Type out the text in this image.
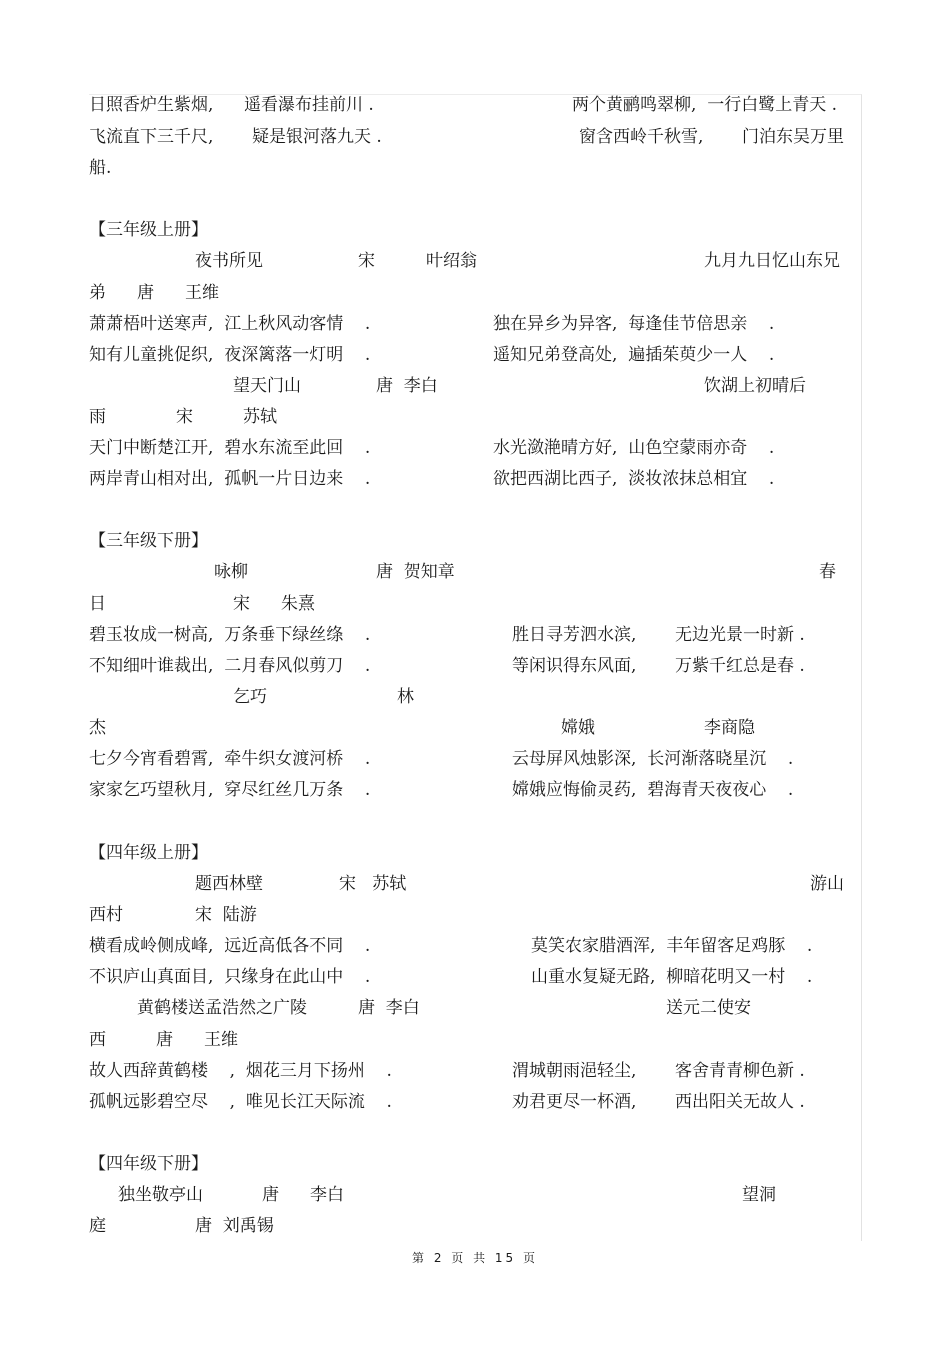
日照香炉生紫烟, 遥看瀑布挂前川 .	两个黄鹂鸣翠柳,  一行白鹭上青天 .
飞流直下三千尺, 疑是银河落九天 .	窗含西岭千秋雪, 门泊东吴万里
船.
【三年级上册】
夜书所见	宋	叶绍翁	九月九日忆山东兄
弟 唐 王维
萧萧梧叶送寒声,  江上秋风动客情    .	独在异乡为异客,  每逢佳节倍思亲    .
知有儿童挑促织,  夜深篱落一灯明    .	遥知兄弟登高处,  遍插茱萸少一人    .
望天门山	唐  李白	饮湖上初晴后
雨	宋	苏轼
天门中断楚江开,  碧水东流至此回    .	水光潋滟晴方好,  山色空蒙雨亦奇    .
两岸青山相对出,  孤帆一片日边来    .	欲把西湖比西子,  淡妆浓抹总相宜    .
【三年级下册】
咏柳	唐  贺知章	春
日	宋 朱熹
碧玉妆成一树高,  万条垂下绿丝绦    .	胜日寻芳泗水滨, 无边光景一时新 .
不知细叶谁裁出,  二月春风似剪刀    .	等闲识得东风面, 万紫千红总是春 .
乞巧	林
杰	嫦娥	李商隐
七夕今宵看碧霄,  牵牛织女渡河桥    .	云母屏风烛影深,  长河渐落晓星沉    .
家家乞巧望秋月,  穿尽红丝几万条    .	嫦娥应悔偷灵药,  碧海青天夜夜心    .
【四年级上册】
题西林壁	宋   苏轼	游山
西村	宋  陆游
横看成岭侧成峰,  远近高低各不同    .	莫笑农家腊酒浑,  丰年留客足鸡豚    .
不识庐山真面目,  只缘身在此山中    .	山重水复疑无路,  柳暗花明又一村    .
黄鹤楼送孟浩然之广陵	唐  李白	送元二使安
西	唐 王维
故人西辞黄鹤楼    ,  烟花三月下扬州    .	渭城朝雨浥轻尘, 客舍青青柳色新 .
孤帆远影碧空尽    ,  唯见长江天际流    .	劝君更尽一杯酒, 西出阳关无故人 .
【四年级下册】
独坐敬亭山	唐 李白	望洞
庭	唐  刘禹锡
第 2 页 共 15 页
